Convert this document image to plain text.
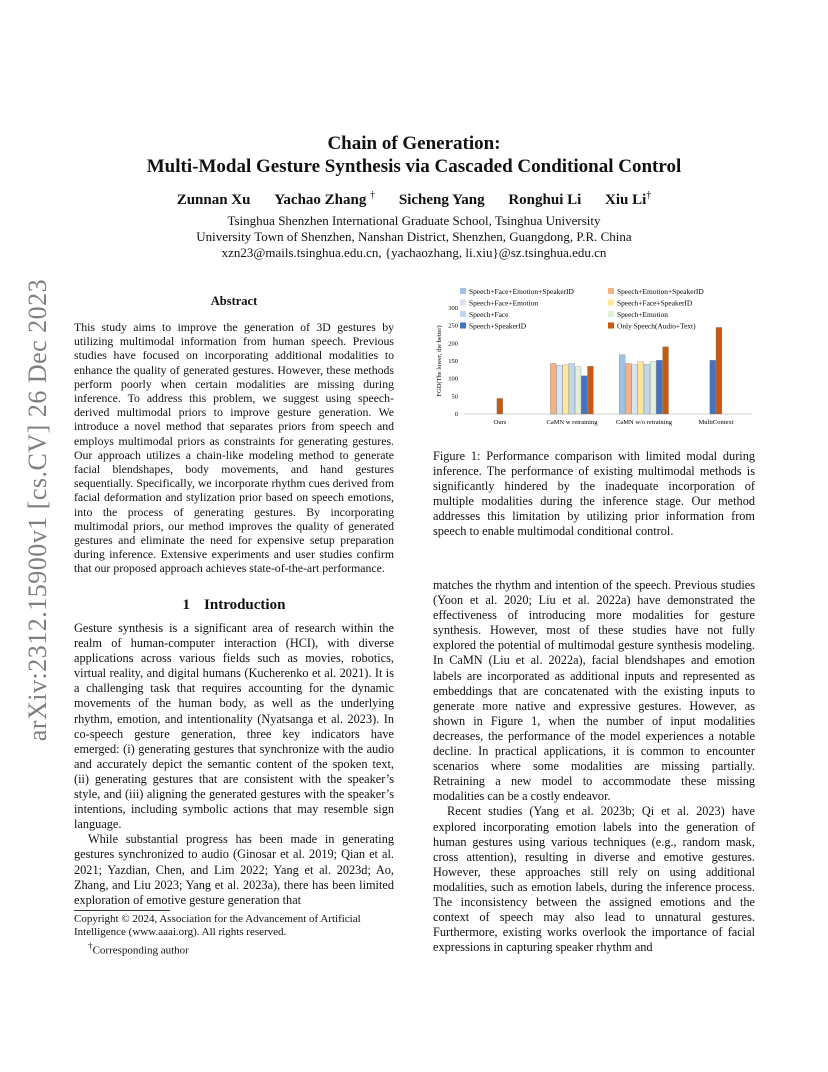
arXiv:2312.15900v1 [cs.CV] 26 Dec 2023
Chain of Generation:
Multi-Modal Gesture Synthesis via Cascaded Conditional Control
Zunnan Xu Yachao Zhang † Sicheng Yang Ronghui Li Xiu Li†
Tsinghua Shenzhen International Graduate School, Tsinghua University
University Town of Shenzhen, Nanshan District, Shenzhen, Guangdong, P.R. China
xzn23@mails.tsinghua.edu.cn, {yachaozhang, li.xiu}@sz.tsinghua.edu.cn
Abstract

This study aims to improve the generation of 3D gestures by utilizing multimodal information from human speech. Previous studies have focused on incorporating additional modalities to enhance the quality of generated gestures. However, these methods perform poorly when certain modalities are missing during inference. To address this problem, we suggest using speech-derived multimodal priors to improve gesture generation. We introduce a novel method that separates priors from speech and employs multimodal priors as constraints for generating gestures. Our approach utilizes a chain-like modeling method to generate facial blendshapes, body movements, and hand gestures sequentially. Specifically, we incorporate rhythm cues derived from facial deformation and stylization prior based on speech emotions, into the process of generating gestures. By incorporating multimodal priors, our method improves the quality of generated gestures and eliminate the need for expensive setup preparation during inference. Extensive experiments and user studies confirm that our proposed approach achieves state-of-the-art performance.

1 Introduction

Gesture synthesis is a significant area of research within the realm of human-computer interaction (HCI), with diverse applications across various fields such as movies, robotics, virtual reality, and digital humans (Kucherenko et al. 2021). It is a challenging task that requires accounting for the dynamic movements of the human body, as well as the underlying rhythm, emotion, and intentionality (Nyatsanga et al. 2023). In co-speech gesture generation, three key indicators have emerged: (i) generating gestures that synchronize with the audio and accurately depict the semantic content of the spoken text, (ii) generating gestures that are consistent with the speaker’s style, and (iii) aligning the generated gestures with the speaker’s intentions, including symbolic actions that may resemble sign language.

While substantial progress has been made in generating gestures synchronized to audio (Ginosar et al. 2019; Qian et al. 2021; Yazdian, Chen, and Lim 2022; Yang et al. 2023d; Ao, Zhang, and Liu 2023; Yang et al. 2023a), there has been limited exploration of emotive gesture generation that

Copyright © 2024, Association for the Advancement of Artificial Intelligence (www.aaai.org). All rights reserved.
†Corresponding author
FGD(The lower, the better)
0
50
100
150
200
250
300
Speech+Face+Emotion+SpeakerID	Speech+Emotion+SpeakerID
Speech+Face+Emotion	Speech+Face+SpeakerID
Speech+Face	Speech+Emotion
Speech+SpeakerID	Only Speech(Audio+Text)
Ours	CaMN w retraining	CaMN w/o retraining	MultiContext

Figure 1: Performance comparison with limited modal during inference. The performance of existing multimodal methods is significantly hindered by the inadequate incorporation of multiple modalities during the inference stage. Our method addresses this limitation by utilizing prior information from speech to enable multimodal conditional control.

matches the rhythm and intention of the speech. Previous studies (Yoon et al. 2020; Liu et al. 2022a) have demonstrated the effectiveness of introducing more modalities for gesture synthesis. However, most of these studies have not fully explored the potential of multimodal gesture synthesis modeling. In CaMN (Liu et al. 2022a), facial blendshapes and emotion labels are incorporated as additional inputs and represented as embeddings that are concatenated with the existing inputs to generate more native and expressive gestures. However, as shown in Figure 1, when the number of input modalities decreases, the performance of the model experiences a notable decline. In practical applications, it is common to encounter scenarios where some modalities are missing partially. Retraining a new model to accommodate these missing modalities can be a costly endeavor.

Recent studies (Yang et al. 2023b; Qi et al. 2023) have explored incorporating emotion labels into the generation of human gestures using various techniques (e.g., random mask, cross attention), resulting in diverse and emotive gestures. However, these approaches still rely on using additional modalities, such as emotion labels, during the inference process. The inconsistency between the assigned emotions and the context of speech may also lead to unnatural gestures. Furthermore, existing works overlook the importance of facial expressions in capturing speaker rhythm and
